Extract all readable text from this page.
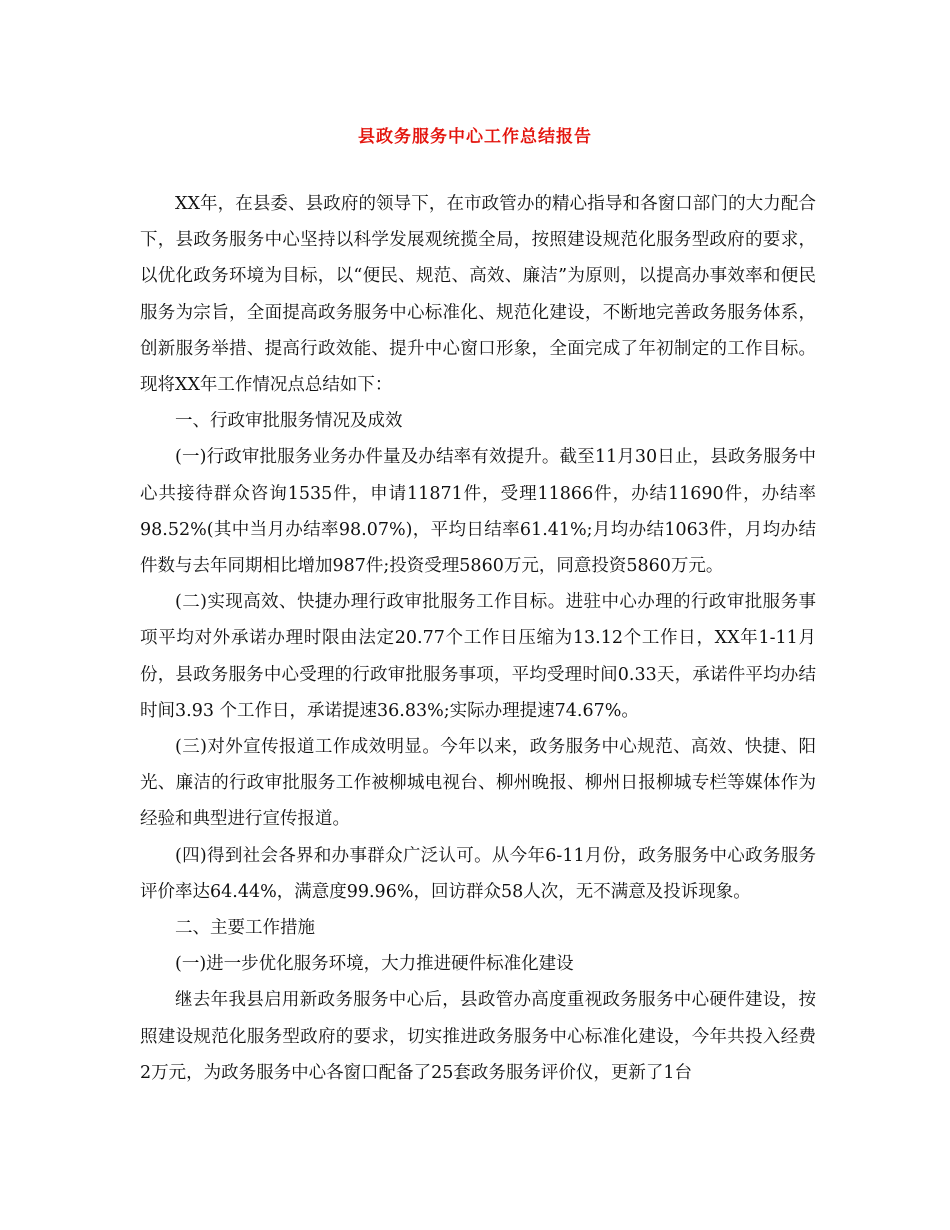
县政务服务中心工作总结报告

XX年，在县委、县政府的领导下，在市政管办的精心指导和各窗口部门的大力配合下，县政务服务中心坚持以科学发展观统揽全局，按照建设规范化服务型政府的要求，以优化政务环境为目标，以“便民、规范、高效、廉洁”为原则，以提高办事效率和便民服务为宗旨，全面提高政务服务中心标准化、规范化建设，不断地完善政务服务体系，创新服务举措、提高行政效能、提升中心窗口形象，全面完成了年初制定的工作目标。现将XX年工作情况点总结如下：

一、行政审批服务情况及成效

(一)行政审批服务业务办件量及办结率有效提升。截至11月30日止，县政务服务中心共接待群众咨询1535件，申请11871件，受理11866件，办结11690件，办结率98.52%(其中当月办结率98.07%)，平均日结率61.41%;月均办结1063件，月均办结件数与去年同期相比增加987件;投资受理5860万元，同意投资5860万元。

(二)实现高效、快捷办理行政审批服务工作目标。进驻中心办理的行政审批服务事项平均对外承诺办理时限由法定20.77个工作日压缩为13.12个工作日，XX年1-11月份，县政务服务中心受理的行政审批服务事项，平均受理时间0.33天，承诺件平均办结时间3.93 个工作日，承诺提速36.83%;实际办理提速74.67%。

(三)对外宣传报道工作成效明显。今年以来，政务服务中心规范、高效、快捷、阳光、廉洁的行政审批服务工作被柳城电视台、柳州晚报、柳州日报柳城专栏等媒体作为经验和典型进行宣传报道。

(四)得到社会各界和办事群众广泛认可。从今年6-11月份，政务服务中心政务服务评价率达64.44%，满意度99.96%，回访群众58人次，无不满意及投诉现象。

二、主要工作措施

(一)进一步优化服务环境，大力推进硬件标准化建设

继去年我县启用新政务服务中心后，县政管办高度重视政务服务中心硬件建设，按照建设规范化服务型政府的要求，切实推进政务服务中心标准化建设，今年共投入经费2万元，为政务服务中心各窗口配备了25套政务服务评价仪，更新了1台
